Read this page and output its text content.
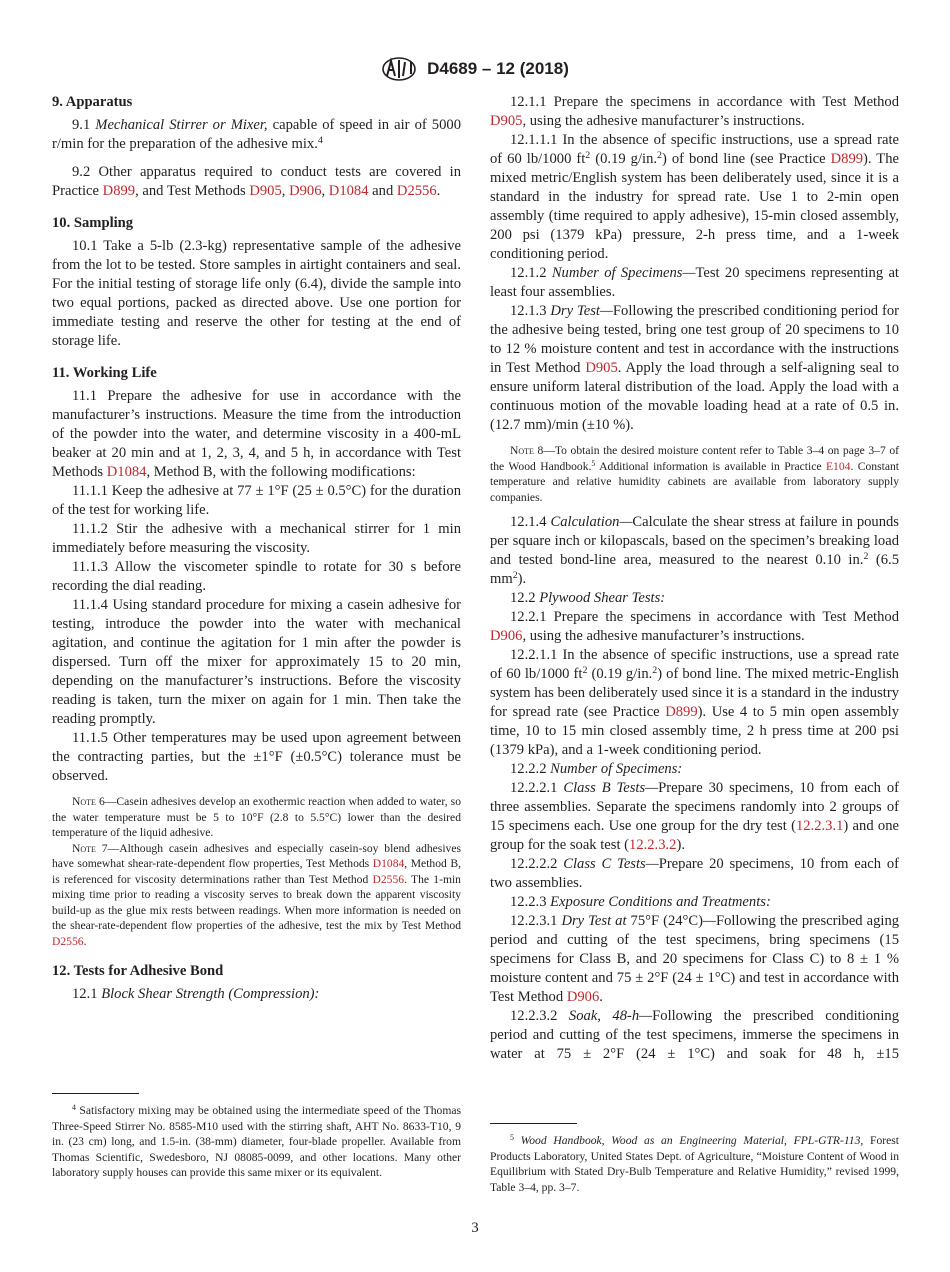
D4689 – 12 (2018)
9. Apparatus
9.1 Mechanical Stirrer or Mixer, capable of speed in air of 5000 r/min for the preparation of the adhesive mix.$^4$
9.2 Other apparatus required to conduct tests are covered in Practice D899, and Test Methods D905, D906, D1084 and D2556.
10. Sampling
10.1 Take a 5-lb (2.3-kg) representative sample of the adhesive from the lot to be tested. Store samples in airtight containers and seal. For the initial testing of storage life only (6.4), divide the sample into two equal portions, packed as directed above. Use one portion for immediate testing and reserve the other for testing at the end of storage life.
11. Working Life
11.1 Prepare the adhesive for use in accordance with the manufacturer’s instructions. Measure the time from the introduction of the powder into the water, and determine viscosity in a 400-mL beaker at 20 min and at 1, 2, 3, 4, and 5 h, in accordance with Test Methods D1084, Method B, with the following modifications:
11.1.1 Keep the adhesive at 77 ± 1°F (25 ± 0.5°C) for the duration of the test for working life.
11.1.2 Stir the adhesive with a mechanical stirrer for 1 min immediately before measuring the viscosity.
11.1.3 Allow the viscometer spindle to rotate for 30 s before recording the dial reading.
11.1.4 Using standard procedure for mixing a casein adhesive for testing, introduce the powder into the water with mechanical agitation, and continue the agitation for 1 min after the powder is dispersed. Turn off the mixer for approximately 15 to 20 min, depending on the manufacturer’s instructions. Before the viscosity reading is taken, turn the mixer on again for 1 min. Then take the reading promptly.
11.1.5 Other temperatures may be used upon agreement between the contracting parties, but the ±1°F (±0.5°C) tolerance must be observed.
Note 6—Casein adhesives develop an exothermic reaction when added to water, so the water temperature must be 5 to 10°F (2.8 to 5.5°C) lower than the desired temperature of the liquid adhesive.
Note 7—Although casein adhesives and especially casein-soy blend adhesives have somewhat shear-rate-dependent flow properties, Test Methods D1084, Method B, is referenced for viscosity determinations rather than Test Method D2556. The 1-min mixing time prior to reading a viscosity serves to break down the apparent viscosity build-up as the glue mix rests between readings. When more information is needed on the shear-rate-dependent flow properties of the adhesive, test the mix by Test Method D2556.
12. Tests for Adhesive Bond
12.1 Block Shear Strength (Compression):
12.1.1 Prepare the specimens in accordance with Test Method D905, using the adhesive manufacturer’s instructions.
12.1.1.1 In the absence of specific instructions, use a spread rate of 60 lb/1000 $ft^2$ (0.19 g/in.$^2$) of bond line (see Practice D899). The mixed metric/English system has been deliberately used, since it is a standard in the industry for spread rate. Use 1 to 2-min open assembly (time required to apply adhesive), 15-min closed assembly, 200 psi (1379 kPa) pressure, 2-h press time, and a 1-week conditioning period.
12.1.2 Number of Specimens—Test 20 specimens representing at least four assemblies.
12.1.3 Dry Test—Following the prescribed conditioning period for the adhesive being tested, bring one test group of 20 specimens to 10 to 12 % moisture content and test in accordance with the instructions in Test Method D905. Apply the load through a self-aligning seal to ensure uniform lateral distribution of the load. Apply the load with a continuous motion of the movable loading head at a rate of 0.5 in. (12.7 mm)/min (±10 %).
Note 8—To obtain the desired moisture content refer to Table 3–4 on page 3–7 of the Wood Handbook.$^5$ Additional information is available in Practice E104. Constant temperature and relative humidity cabinets are available from laboratory supply companies.
12.1.4 Calculation—Calculate the shear stress at failure in pounds per square inch or kilopascals, based on the specimen’s breaking load and tested bond-line area, measured to the nearest 0.10 in.$^2$ (6.5 $mm^2$).
12.2 Plywood Shear Tests:
12.2.1 Prepare the specimens in accordance with Test Method D906, using the adhesive manufacturer’s instructions.
12.2.1.1 In the absence of specific instructions, use a spread rate of 60 lb/1000 $ft^2$ (0.19 g/in.$^2$) of bond line. The mixed metric-English system has been deliberately used since it is a standard in the industry for spread rate (see Practice D899). Use 4 to 5 min open assembly time, 10 to 15 min closed assembly time, 2 h press time at 200 psi (1379 kPa), and a 1-week conditioning period.
12.2.2 Number of Specimens:
12.2.2.1 Class B Tests—Prepare 30 specimens, 10 from each of three assemblies. Separate the specimens randomly into 2 groups of 15 specimens each. Use one group for the dry test (12.2.3.1) and one group for the soak test (12.2.3.2).
12.2.2.2 Class C Tests—Prepare 20 specimens, 10 from each of two assemblies.
12.2.3 Exposure Conditions and Treatments:
12.2.3.1 Dry Test at 75°F (24°C)—Following the prescribed aging period and cutting of the test specimens, bring specimens (15 specimens for Class B, and 20 specimens for Class C) to 8 ± 1 % moisture content and 75 ± 2°F (24 ± 1°C) and test in accordance with Test Method D906.
12.2.3.2 Soak, 48-h—Following the prescribed conditioning period and cutting of the test specimens, immerse the specimens in water at 75 ± 2°F (24 ± 1°C) and soak for 48 h, ±15
$^4$ Satisfactory mixing may be obtained using the intermediate speed of the Thomas Three-Speed Stirrer No. 8585-M10 used with the stirring shaft, AHT No. 8633-T10, 9 in. (23 cm) long, and 1.5-in. (38-mm) diameter, four-blade propeller. Available from Thomas Scientific, Swedesboro, NJ 08085-0099, and other locations. Many other laboratory supply houses can provide this same mixer or its equivalent.
$^5$ Wood Handbook, Wood as an Engineering Material, FPL-GTR-113, Forest Products Laboratory, United States Dept. of Agriculture, “Moisture Content of Wood in Equilibrium with Stated Dry-Bulb Temperature and Relative Humidity,” revised 1999, Table 3–4, pp. 3–7.
3
